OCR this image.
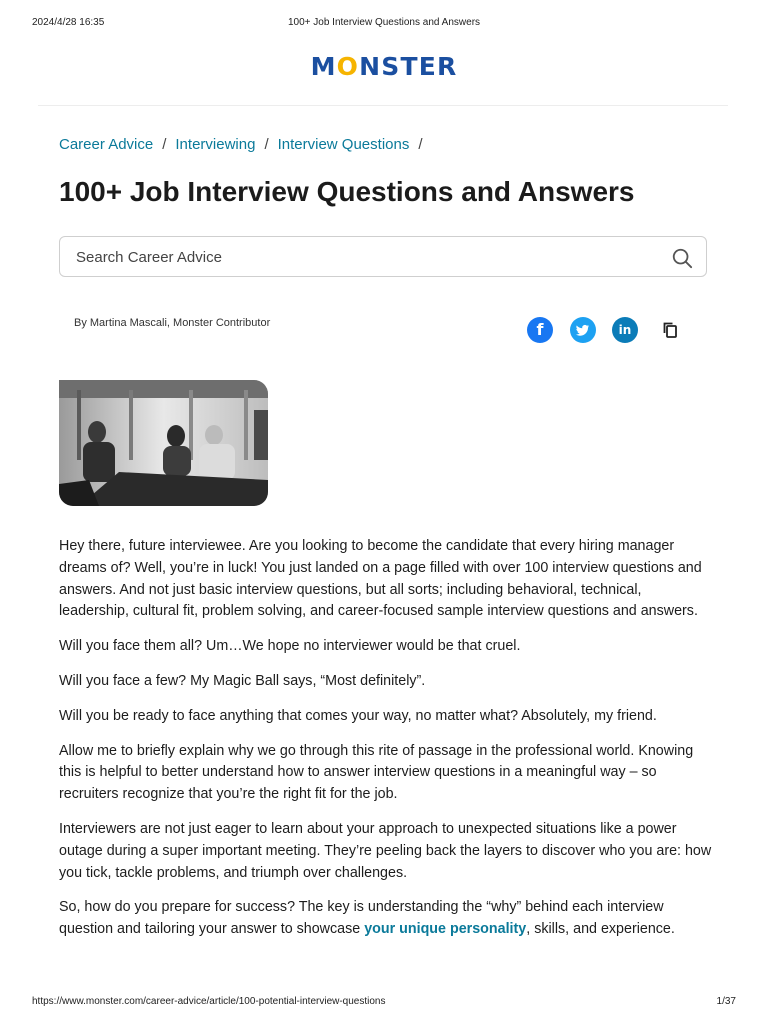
2024/4/28 16:35	100+ Job Interview Questions and Answers
MONSTER
Career Advice / Interviewing / Interview Questions /
100+ Job Interview Questions and Answers
Search Career Advice
By Martina Mascali, Monster Contributor	f	in

Hey there, future interviewee. Are you looking to become the candidate that every hiring manager dreams of? Well, you’re in luck! You just landed on a page filled with over 100 interview questions and answers. And not just basic interview questions, but all sorts; including behavioral, technical, leadership, cultural fit, problem solving, and career-focused sample interview questions and answers.

Will you face them all? Um…We hope no interviewer would be that cruel.

Will you face a few? My Magic Ball says, “Most definitely”.

Will you be ready to face anything that comes your way, no matter what? Absolutely, my friend.

Allow me to briefly explain why we go through this rite of passage in the professional world. Knowing this is helpful to better understand how to answer interview questions in a meaningful way – so recruiters recognize that you’re the right fit for the job.

Interviewers are not just eager to learn about your approach to unexpected situations like a power outage during a super important meeting. They’re peeling back the layers to discover who you are: how you tick, tackle problems, and triumph over challenges.

So, how do you prepare for success? The key is understanding the “why” behind each interview question and tailoring your answer to showcase your unique personality, skills, and experience.

https://www.monster.com/career-advice/article/100-potential-interview-questions	1/37
